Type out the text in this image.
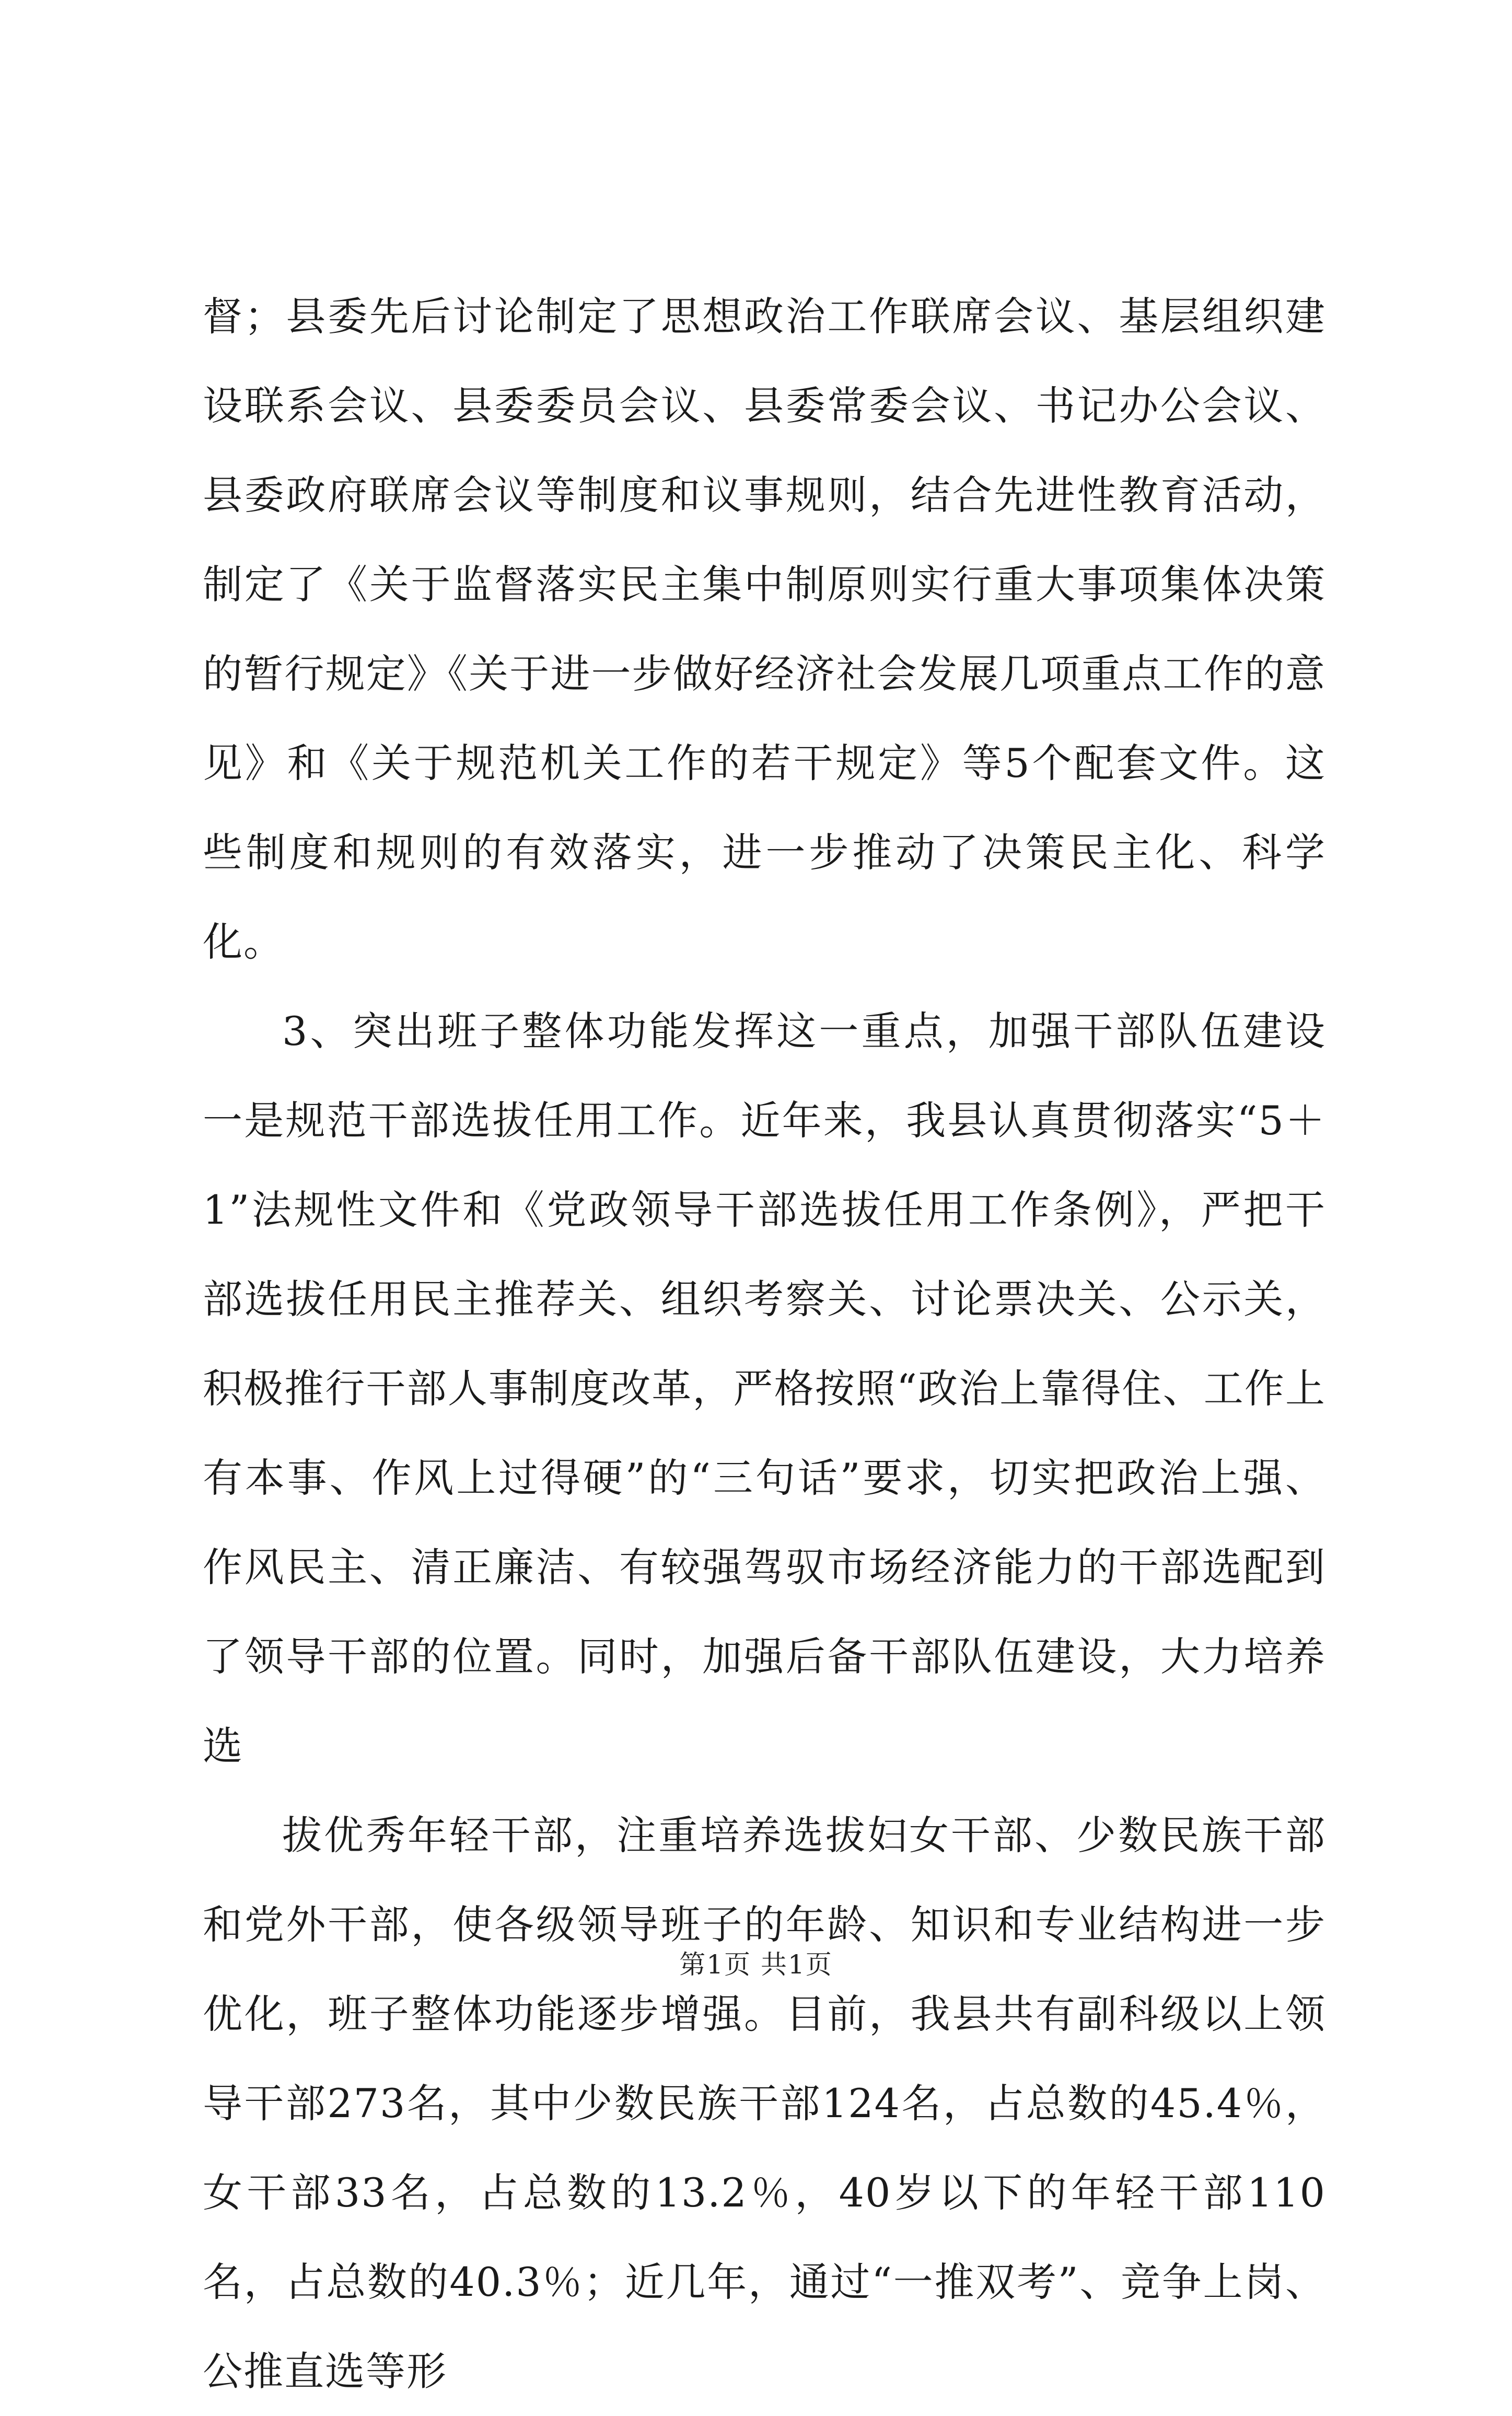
督；县委先后讨论制定了思想政治工作联席会议、基层组织建设联系会议、县委委员会议、县委常委会议、书记办公会议、县委政府联席会议等制度和议事规则，结合先进性教育活动，制定了《关于监督落实民主集中制原则实行重大事项集体决策的暂行规定》《关于进一步做好经济社会发展几项重点工作的意见》和《关于规范机关工作的若干规定》等5个配套文件。这些制度和规则的有效落实，进一步推动了决策民主化、科学化。

3、突出班子整体功能发挥这一重点，加强干部队伍建设一是规范干部选拔任用工作。近年来，我县认真贯彻落实“5＋1”法规性文件和《党政领导干部选拔任用工作条例》，严把干部选拔任用民主推荐关、组织考察关、讨论票决关、公示关，积极推行干部人事制度改革，严格按照“政治上靠得住、工作上有本事、作风上过得硬”的“三句话”要求，切实把政治上强、作风民主、清正廉洁、有较强驾驭市场经济能力的干部选配到了领导干部的位置。同时，加强后备干部队伍建设，大力培养选

拔优秀年轻干部，注重培养选拔妇女干部、少数民族干部和党外干部，使各级领导班子的年龄、知识和专业结构进一步优化，班子整体功能逐步增强。目前，我县共有副科级以上领导干部273名，其中少数民族干部124名，占总数的45.4％，女干部33名，占总数的13.2％，40岁以下的年轻干部110名，占总数的40.3％；近几年，通过“一推双考”、竞争上岗、公推直选等形

第1页 共1页
